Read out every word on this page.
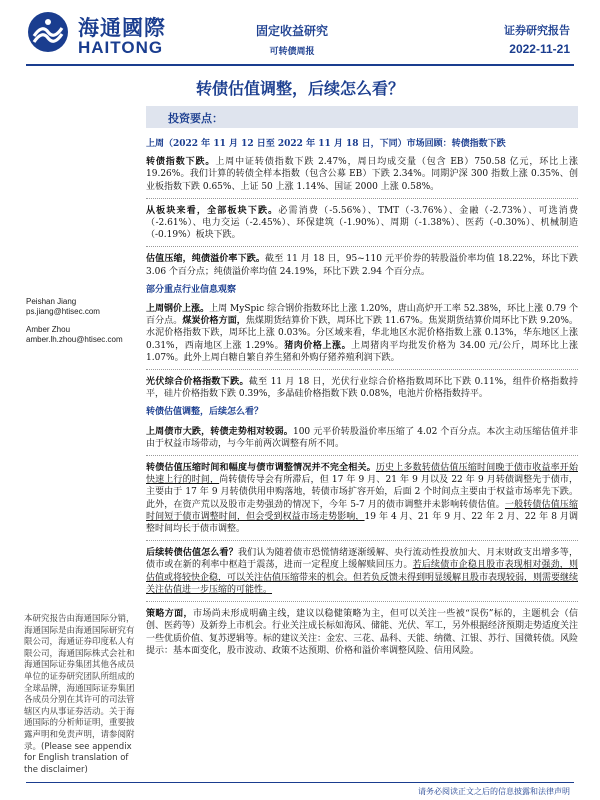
海通國際
HAITONG
固定收益研究
可转债周报
证券研究报告
2022-11-21
转债估值调整，后续怎么看？
投资要点：
Peishan Jiang
ps.jiang@htisec.com
Amber Zhou
amber.lh.zhou@htisec.com
本研究报告由海通国际分销，海通国际是由海通国际研究有限公司，海通证券印度私人有限公司，海通国际株式会社和海通国际证券集团其他各成员单位的证券研究团队所组成的全球品牌，海通国际证券集团各成员分别在其许可的司法管辖区内从事证券活动。关于海通国际的分析师证明，重要披露声明和免责声明，请参阅附录。(Please see appendix for English translation of the disclaimer)

上周（2022 年 11 月 12 日至 2022 年 11 月 18 日，下同）市场回顾：转债指数下跌

转债指数下跌。上周中证转债指数下跌 2.47%，周日均成交量（包含 EB）750.58 亿元，环比上涨 19.26%。我们计算的转债全样本指数（包含公募 EB）下跌 2.34%。同期沪深 300 指数上涨 0.35%、创业板指数下跌 0.65%、上证 50 上涨 1.14%、国证 2000 上涨 0.58%。

从板块来看，全部板块下跌。必需消费（-5.56%）、TMT（-3.76%）、金融（-2.73%）、可选消费（-2.61%）、电力交运（-2.45%）、环保建筑（-1.90%）、周期（-1.38%）、医药（-0.30%）、机械制造（-0.19%）板块下跌。

估值压缩，纯债溢价率下跌。截至 11 月 18 日，95~110 元平价券的转股溢价率均值 18.22%，环比下跌 3.06 个百分点；纯债溢价率均值 24.19%，环比下跌 2.94 个百分点。

部分重点行业信息观察

上周钢价上涨。上周 MySpic 综合钢价指数环比上涨 1.20%，唐山高炉开工率 52.38%，环比上涨 0.79 个百分点。煤炭价格方面，焦煤期货结算价下跌，周环比下跌 11.67%。焦炭期货结算价周环比下跌 9.20%。水泥价格指数下跌，周环比上涨 0.03%。分区域来看，华北地区水泥价格指数上涨 0.13%，华东地区上涨 0.31%，西南地区上涨 1.29%。猪肉价格上涨。上周猪肉平均批发价格为 34.00 元/公斤，周环比上涨 1.07%。此外上周白糖自繁自养生猪和外购仔猪养殖利润下跌。

光伏综合价格指数下跌。截至 11 月 18 日，光伏行业综合价格指数周环比下跌 0.11%，组件价格指数持平，硅片价格指数下跌 0.39%，多晶硅价格指数下跌 0.08%，电池片价格指数持平。

转债估值调整，后续怎么看？

上周债市大跌，转债走势相对较弱。100 元平价转股溢价率压缩了 4.02 个百分点。本次主动压缩估值并非由于权益市场带动，与今年前两次调整有所不同。

转债估值压缩时间和幅度与债市调整情况并不完全相关。历史上多数转债估值压缩时间晚于债市收益率开始快速上行的时间，尚转债传导会有所滞后，但 17 年 9 月、21 年 9 月以及 22 年 9 月转债调整先于债市，主要由于 17 年 9 月转债供用申购落地，转债市场扩容开始，后面 2 个时间点主要由于权益市场率先下跌。此外，在资产荒以及股市走势强劲的情况下，今年 5-7 月的债市调整并未影响转债估值。一般转债估值压缩时间短于债市调整时间，但会受到权益市场走势影响，19 年 4 月、21 年 9 月、22 年 2 月、22 年 8 月调整时间均长于债市调整。

后续转债估值怎么看？我们认为随着债市恐慌情绪逐渐缓解、央行流动性投放加大、月末财政支出增多等，债市或在新的利率中枢趋于震荡，进而一定程度上缓解赎回压力。若后续债市企稳且股市表现相对强劲，则估值或将较快企稳，可以关注估值压缩带来的机会。但若负反馈未得到明显缓解且股市表现较弱，则需要继续关注估值进一步压缩的可能性。

策略方面，市场尚未形成明确主线，建议以稳健策略为主，但可以关注一些被“误伤”标的，主题机会（信创、医药等）及新券上市机会。行业关注成长标如海风、储能、光伏、军工，另外根据经济预期走势适度关注一些优质价值、复苏逻辑等。标的建议关注：金宏、三花、晶科、天能、纳微、江银、苏行、国微转债。风险提示：基本面变化，股市波动、政策不达预期、价格和溢价率调整风险、信用风险。

请务必阅读正文之后的信息披露和法律声明
